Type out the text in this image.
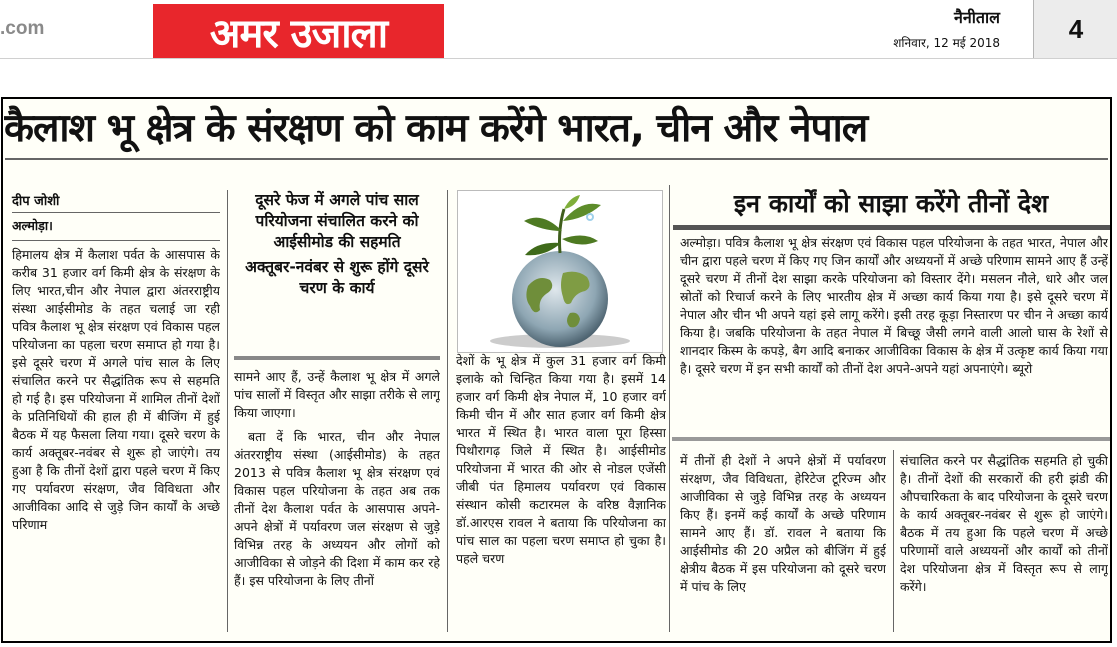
.com	अमर उजाला	नैनीताल
शनिवार, 12 मई 2018	4
कैलाश भू क्षेत्र के संरक्षण को काम करेंगे भारत, चीन और नेपाल
दीप जोशी
अल्मोड़ा।
हिमालय क्षेत्र में कैलाश पर्वत के आसपास के करीब 31 हजार वर्ग किमी क्षेत्र के संरक्षण के लिए भारत,चीन और नेपाल द्वारा अंतरराष्ट्रीय संस्था आईसीमोड के तहत चलाई जा रही पवित्र कैलाश भू क्षेत्र संरक्षण एवं विकास पहल परियोजना का पहला चरण समाप्त हो गया है। इसे दूसरे चरण में अगले पांच साल के लिए संचालित करने पर सैद्धांतिक रूप से सहमति हो गई है। इस परियोजना में शामिल तीनों देशों के प्रतिनिधियों की हाल ही में बीजिंग में हुई बैठक में यह फैसला लिया गया। दूसरे चरण के कार्य अक्तूबर-नवंबर से शुरू हो जाएंगे। तय हुआ है कि तीनों देशों द्वारा पहले चरण में किए गए पर्यावरण संरक्षण, जैव विविधता और आजीविका आदि से जुड़े जिन कार्यों के अच्छे परिणाम
दूसरे फेज में अगले पांच साल परियोजना संचालित करने को आईसीमोड की सहमति
अक्तूबर-नवंबर से शुरू होंगे दूसरे चरण के कार्य
सामने आए हैं, उन्हें कैलाश भू क्षेत्र में अगले पांच सालों में विस्तृत और साझा तरीके से लागू किया जाएगा।
बता दें कि भारत, चीन और नेपाल अंतरराष्ट्रीय संस्था (आईसीमोड) के तहत 2013 से पवित्र कैलाश भू क्षेत्र संरक्षण एवं विकास पहल परियोजना के तहत अब तक तीनों देश कैलाश पर्वत के आसपास अपने-अपने क्षेत्रों में पर्यावरण जल संरक्षण से जुड़े विभिन्न तरह के अध्ययन और लोगों को आजीविका से जोड़ने की दिशा में काम कर रहे हैं। इस परियोजना के लिए तीनों
देशों के भू क्षेत्र में कुल 31 हजार वर्ग किमी इलाके को चिन्हित किया गया है। इसमें 14 हजार वर्ग किमी क्षेत्र नेपाल में, 10 हजार वर्ग किमी चीन में और सात हजार वर्ग किमी क्षेत्र भारत में स्थित है। भारत वाला पूरा हिस्सा पिथौरागढ़ जिले में स्थित है। आईसीमोड परियोजना में भारत की ओर से नोडल एजेंसी जीबी पंत हिमालय पर्यावरण एवं विकास संस्थान कोसी कटारमल के वरिष्ठ वैज्ञानिक डॉ.आरएस रावल ने बताया कि परियोजना का पांच साल का पहला चरण समाप्त हो चुका है। पहले चरण
इन कार्यों को साझा करेंगे तीनों देश
अल्मोड़ा। पवित्र कैलाश भू क्षेत्र संरक्षण एवं विकास पहल परियोजना के तहत भारत, नेपाल और चीन द्वारा पहले चरण में किए गए जिन कार्यों और अध्ययनों में अच्छे परिणाम सामने आए हैं उन्हें दूसरे चरण में तीनों देश साझा करके परियोजना को विस्तार देंगे। मसलन नौले, धारे और जल स्रोतों को रिचार्ज करने के लिए भारतीय क्षेत्र में अच्छा कार्य किया गया है। इसे दूसरे चरण में नेपाल और चीन भी अपने यहां इसे लागू करेंगे। इसी तरह कूड़ा निस्तारण पर चीन ने अच्छा कार्य किया है। जबकि परियोजना के तहत नेपाल में बिच्छू जैसी लगने वाली आलो घास के रेशों से शानदार किस्म के कपड़े, बैग आदि बनाकर आजीविका विकास के क्षेत्र में उत्कृष्ट कार्य किया गया है। दूसरे चरण में इन सभी कार्यों को तीनों देश अपने-अपने यहां अपनाएंगे। ब्यूरो
में तीनों ही देशों ने अपने क्षेत्रों में पर्यावरण संरक्षण, जैव विविधता, हेरिटेज टूरिज्म और आजीविका से जुड़े विभिन्न तरह के अध्ययन किए हैं। इनमें कई कार्यों के अच्छे परिणाम सामने आए हैं। डॉ. रावल ने बताया कि आईसीमोड की 20 अप्रैल को बीजिंग में हुई क्षेत्रीय बैठक में इस परियोजना को दूसरे चरण में पांच के लिए
संचालित करने पर सैद्धांतिक सहमति हो चुकी है। तीनों देशों की सरकारों की हरी झंडी की औपचारिकता के बाद परियोजना के दूसरे चरण के कार्य अक्तूबर-नवंबर से शुरू हो जाएंगे। बैठक में तय हुआ कि पहले चरण में अच्छे परिणामों वाले अध्ययनों और कार्यों को तीनों देश परियोजना क्षेत्र में विस्तृत रूप से लागू करेंगे।
